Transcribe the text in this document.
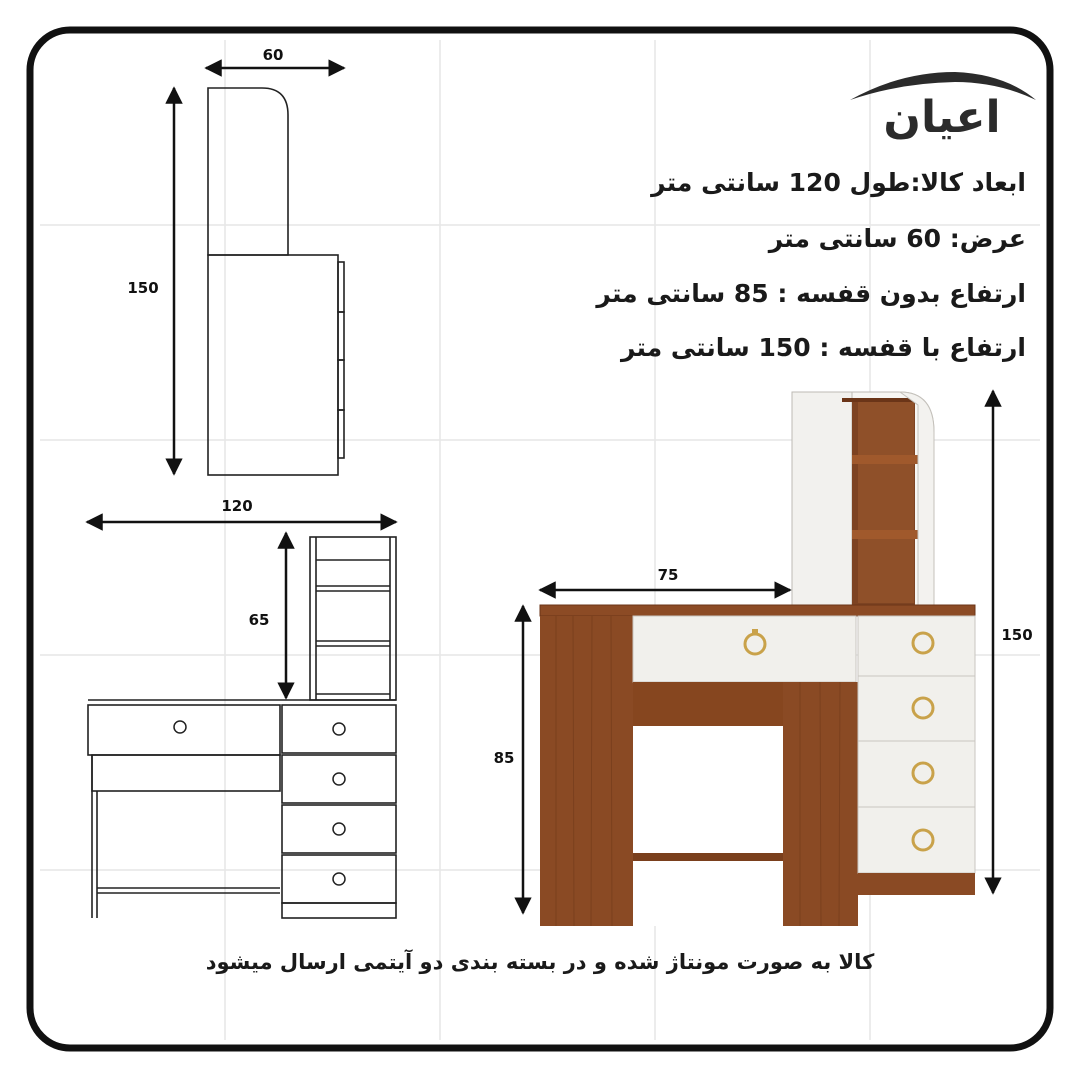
60
150
120
65
75
85
150
اعیان
ابعاد کالا:طول 120 سانتی متر
عرض: 60 سانتی متر
ارتفاع بدون قفسه : 85 سانتی متر
ارتفاع با قفسه : 150 سانتی متر
کالا به صورت مونتاژ شده و در بسته بندی دو آیتمی ارسال میشود
